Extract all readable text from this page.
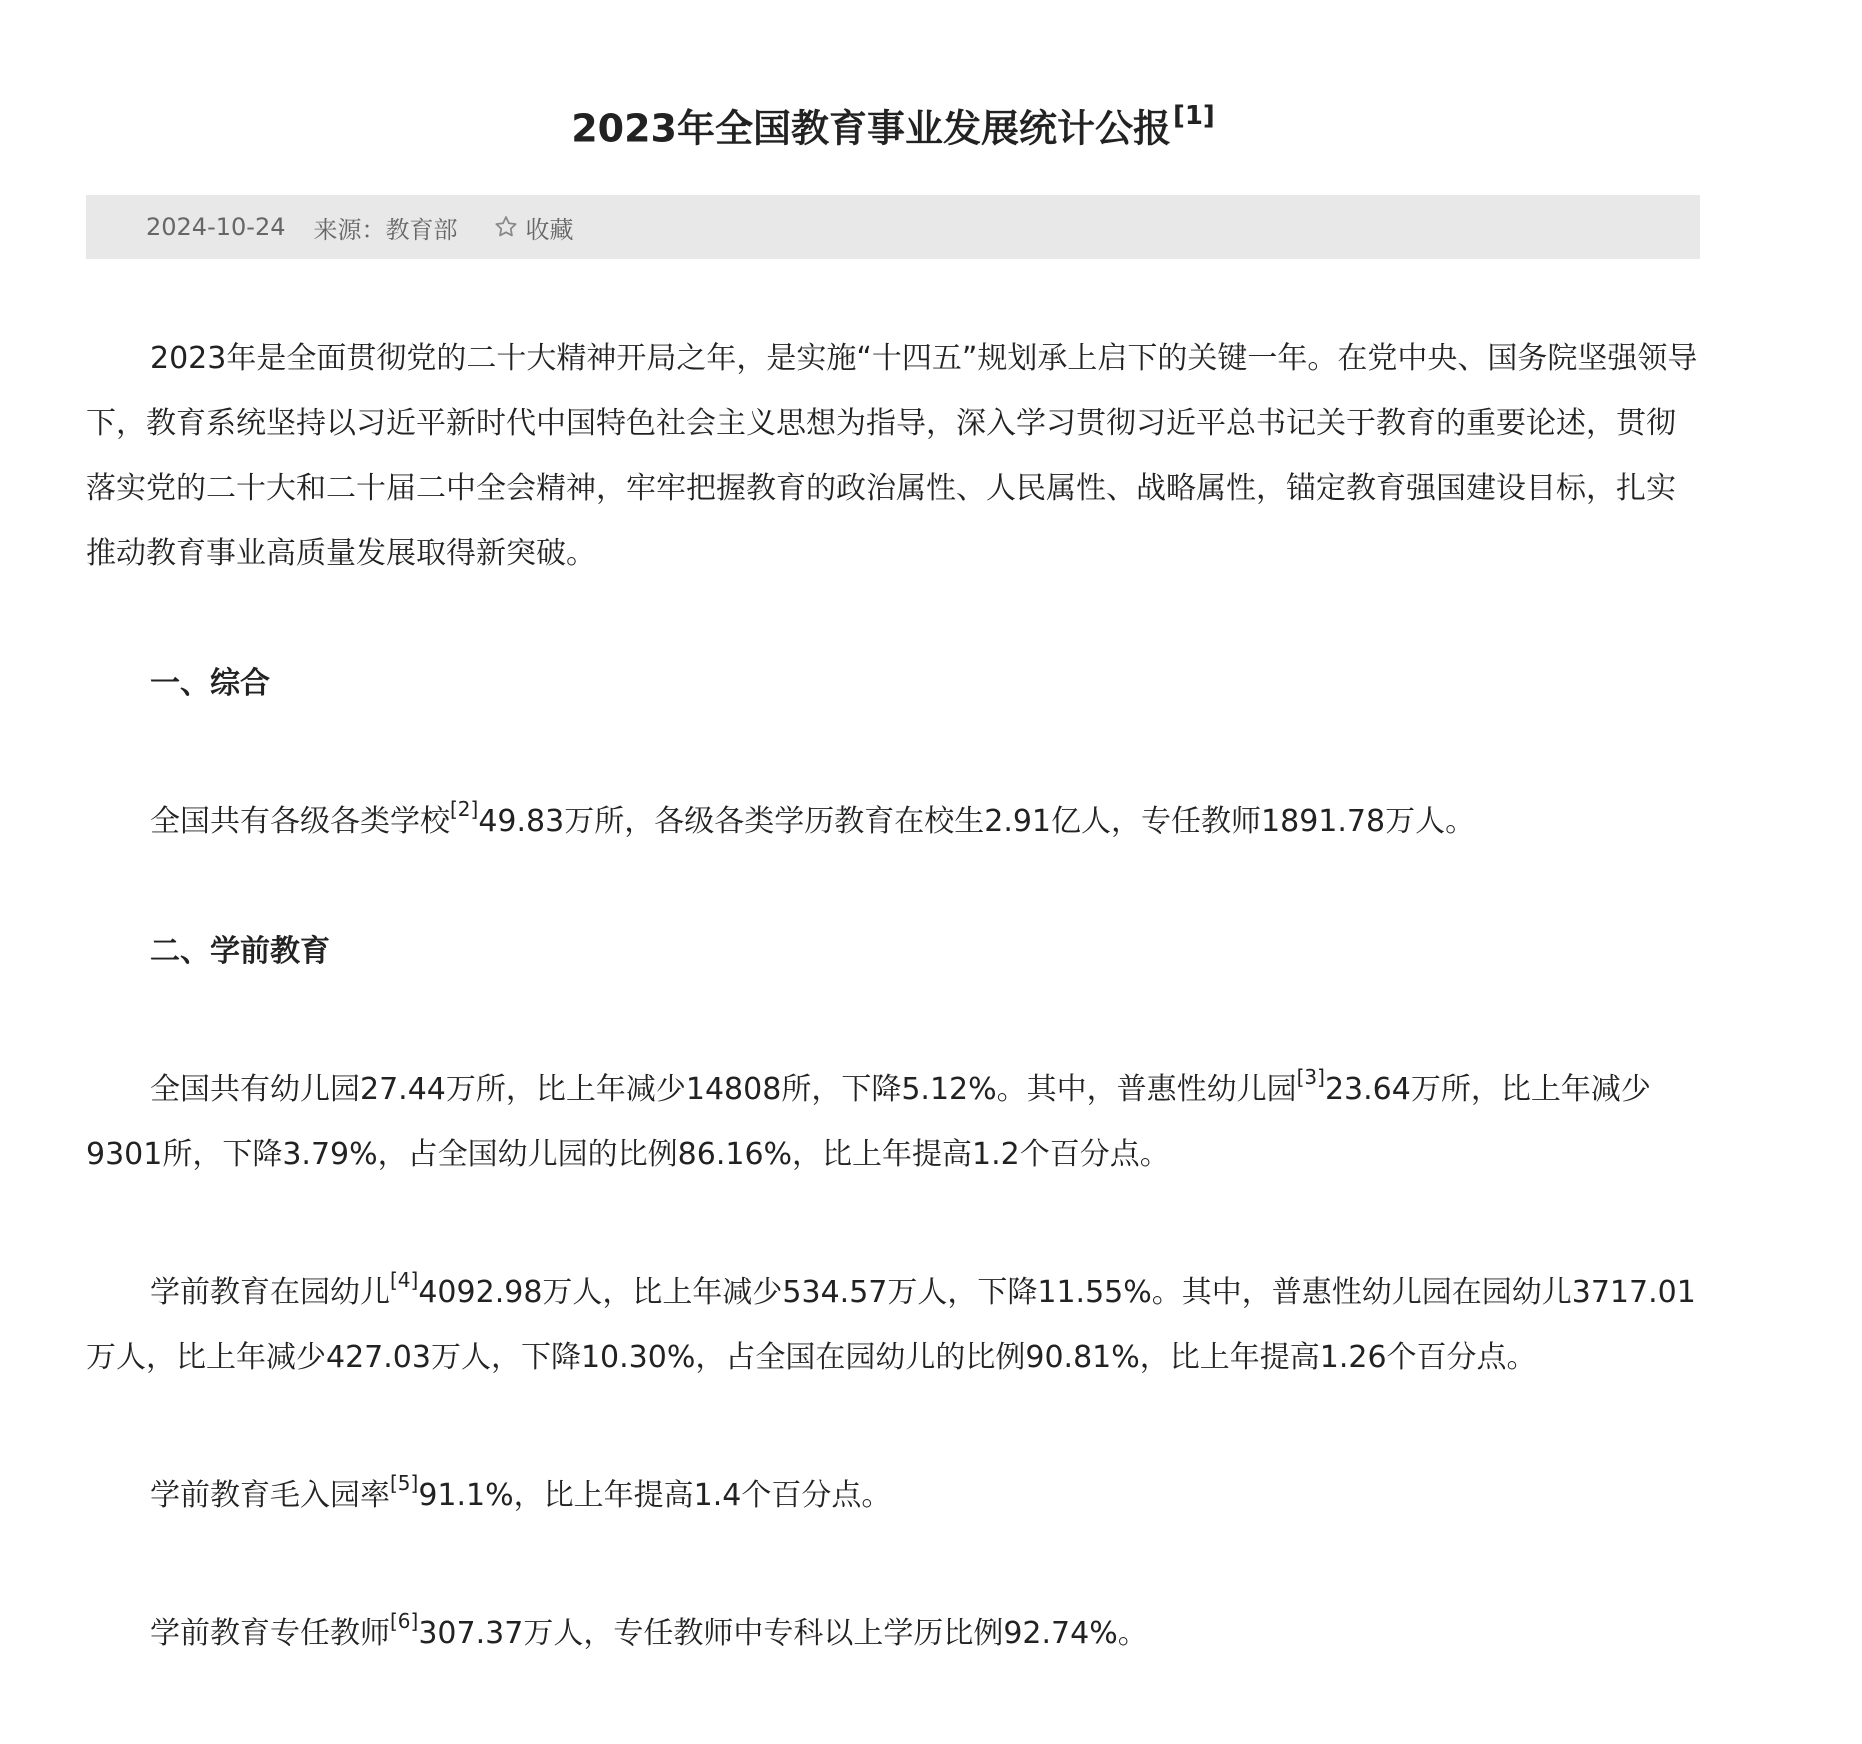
2023年全国教育事业发展统计公报[1]
2024-10-24 来源： 教育部	收藏

2023年是全面贯彻党的二十大精神开局之年，是实施“十四五”规划承上启下的关键一年。在党中央、国务院坚强领导下，教育系统坚持以习近平新时代中国特色社会主义思想为指导，深入学习贯彻习近平总书记关于教育的重要论述，贯彻落实党的二十大和二十届二中全会精神，牢牢把握教育的政治属性、人民属性、战略属性，锚定教育强国建设目标，扎实推动教育事业高质量发展取得新突破。

一、综合

全国共有各级各类学校[2]49.83万所，各级各类学历教育在校生2.91亿人，专任教师1891.78万人。

二、学前教育

全国共有幼儿园27.44万所，比上年减少14808所，下降5.12%。其中，普惠性幼儿园[3]23.64万所，比上年减少9301所，下降3.79%，占全国幼儿园的比例86.16%，比上年提高1.2个百分点。

学前教育在园幼儿[4]4092.98万人，比上年减少534.57万人，下降11.55%。其中，普惠性幼儿园在园幼儿3717.01万人，比上年减少427.03万人，下降10.30%，占全国在园幼儿的比例90.81%，比上年提高1.26个百分点。

学前教育毛入园率[5]91.1%，比上年提高1.4个百分点。

学前教育专任教师[6]307.37万人，专任教师中专科以上学历比例92.74%。
